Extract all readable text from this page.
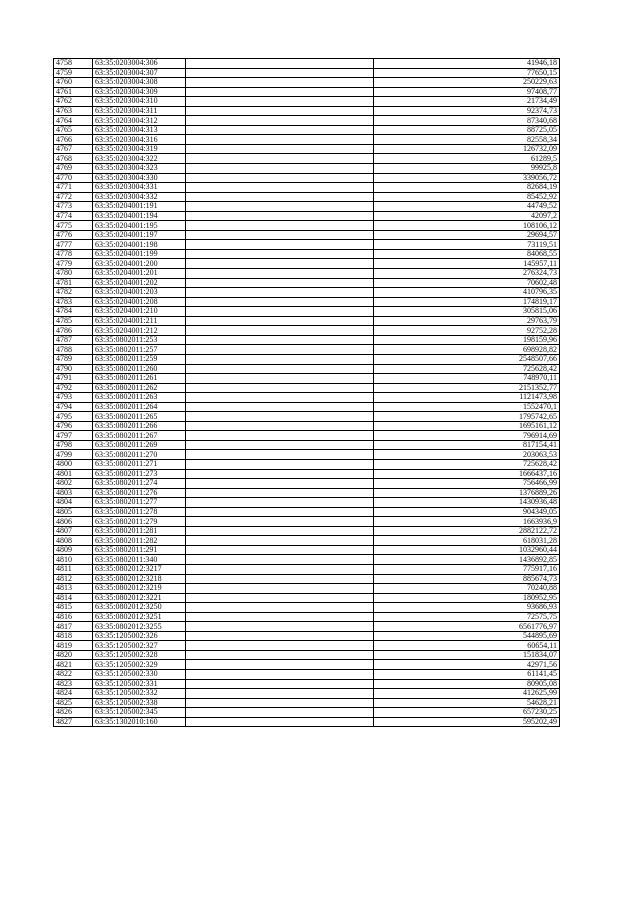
4758	63:35:0203004:306		41946,18
4759	63:35:0203004:307		77650,15
4760	63:35:0203004:308		250229,63
4761	63:35:0203004:309		97408,77
4762	63:35:0203004:310		21734,49
4763	63:35:0203004:311		92374,73
4764	63:35:0203004:312		87340,68
4765	63:35:0203004:313		88725,05
4766	63:35:0203004:316		82558,34
4767	63:35:0203004:319		126732,09
4768	63:35:0203004:322		61289,5
4769	63:35:0203004:323		99925,8
4770	63:35:0203004:330		339056,72
4771	63:35:0203004:331		82684,19
4772	63:35:0203004:332		85452,92
4773	63:35:0204001:191		44749,52
4774	63:35:0204001:194		42097,2
4775	63:35:0204001:195		108106,12
4776	63:35:0204001:197		29694,57
4777	63:35:0204001:198		73119,51
4778	63:35:0204001:199		84068,55
4779	63:35:0204001:200		145957,11
4780	63:35:0204001:201		276324,73
4781	63:35:0204001:202		70602,48
4782	63:35:0204001:203		410796,35
4783	63:35:0204001:208		174819,17
4784	63:35:0204001:210		305815,06
4785	63:35:0204001:211		29763,79
4786	63:35:0204001:212		92752,28
4787	63:35:0802011:253		198159,96
4788	63:35:0802011:257		698928,82
4789	63:35:0802011:259		2548507,66
4790	63:35:0802011:260		725628,42
4791	63:35:0802011:261		748970,11
4792	63:35:0802011:262		2151352,77
4793	63:35:0802011:263		1121473,98
4794	63:35:0802011:264		1552470,1
4795	63:35:0802011:265		1795742,65
4796	63:35:0802011:266		1695161,12
4797	63:35:0802011:267		796914,69
4798	63:35:0802011:269		817154,41
4799	63:35:0802011:270		203063,53
4800	63:35:0802011:271		725628,42
4801	63:35:0802011:273		1666437,16
4802	63:35:0802011:274		756466,99
4803	63:35:0802011:276		1376889,26
4804	63:35:0802011:277		1430936,48
4805	63:35:0802011:278		904349,05
4806	63:35:0802011:279		1663936,9
4807	63:35:0802011:281		2882122,72
4808	63:35:0802011:282		618031,28
4809	63:35:0802011:291		1032960,44
4810	63:35:0802011:340		1436892,85
4811	63:35:0802012:3217		775917,16
4812	63:35:0802012:3218		885674,73
4813	63:35:0802012:3219		70240,88
4814	63:35:0802012:3221		180952,95
4815	63:35:0802012:3250		93686,93
4816	63:35:0802012:3251		72575,75
4817	63:35:0802012:3255		6561776,97
4818	63:35:1205002:326		544895,69
4819	63:35:1205002:327		60654,11
4820	63:35:1205002:328		151834,07
4821	63:35:1205002:329		42971,56
4822	63:35:1205002:330		61141,45
4823	63:35:1205002:331		80905,08
4824	63:35:1205002:332		412625,99
4825	63:35:1205002:338		54628,21
4826	63:35:1205002:345		657230,25
4827	63:35:1302010:160		595202,49
